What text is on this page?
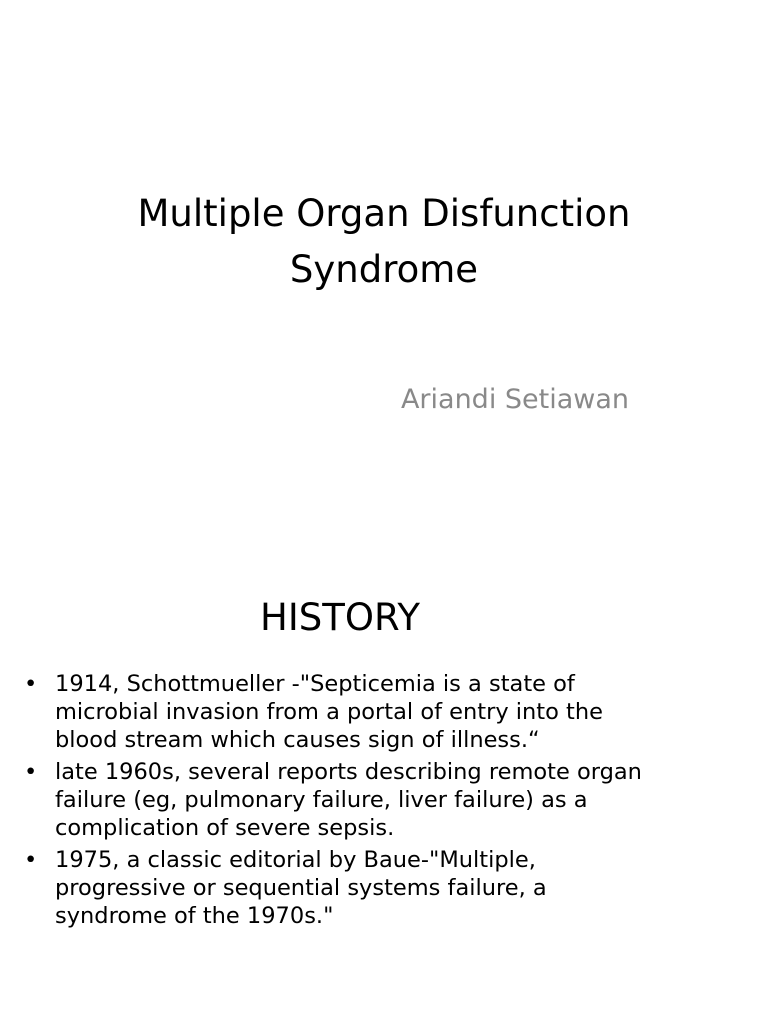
Multiple Organ Disfunction
Syndrome
Ariandi Setiawan
HISTORY
• 1914, Schottmueller -"Septicemia is a state of
microbial invasion from a portal of entry into the
blood stream which causes sign of illness.“
• late 1960s, several reports describing remote organ
failure (eg, pulmonary failure, liver failure) as a
complication of severe sepsis.
• 1975, a classic editorial by Baue-"Multiple,
progressive or sequential systems failure, a
syndrome of the 1970s."
